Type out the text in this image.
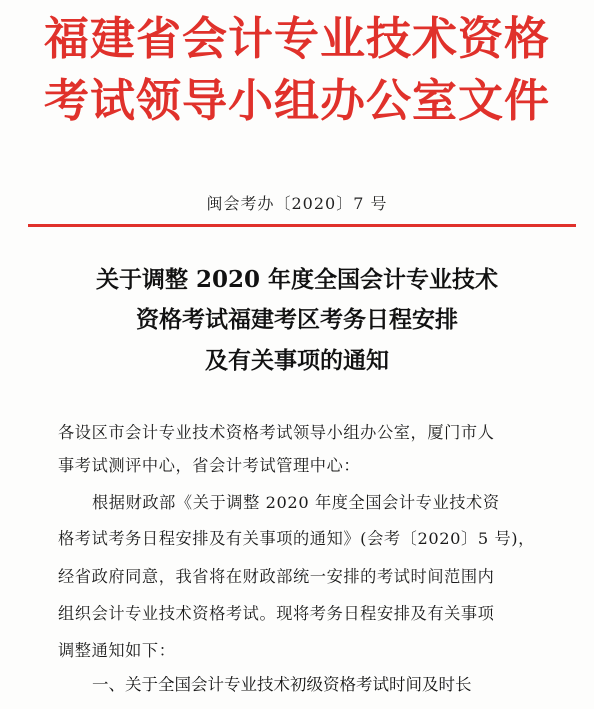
福建省会计专业技术资格
考试领导小组办公室文件
闽会考办〔2020〕7 号
关于调整 2020 年度全国会计专业技术
资格考试福建考区考务日程安排
及有关事项的通知
各设区市会计专业技术资格考试领导小组办公室，厦门市人
事考试测评中心，省会计考试管理中心：
根据财政部《关于调整 2020 年度全国会计专业技术资
格考试考务日程安排及有关事项的通知》(会考〔2020〕5 号)，
经省政府同意，我省将在财政部统一安排的考试时间范围内
组织会计专业技术资格考试。现将考务日程安排及有关事项
调整通知如下：
一、关于全国会计专业技术初级资格考试时间及时长
